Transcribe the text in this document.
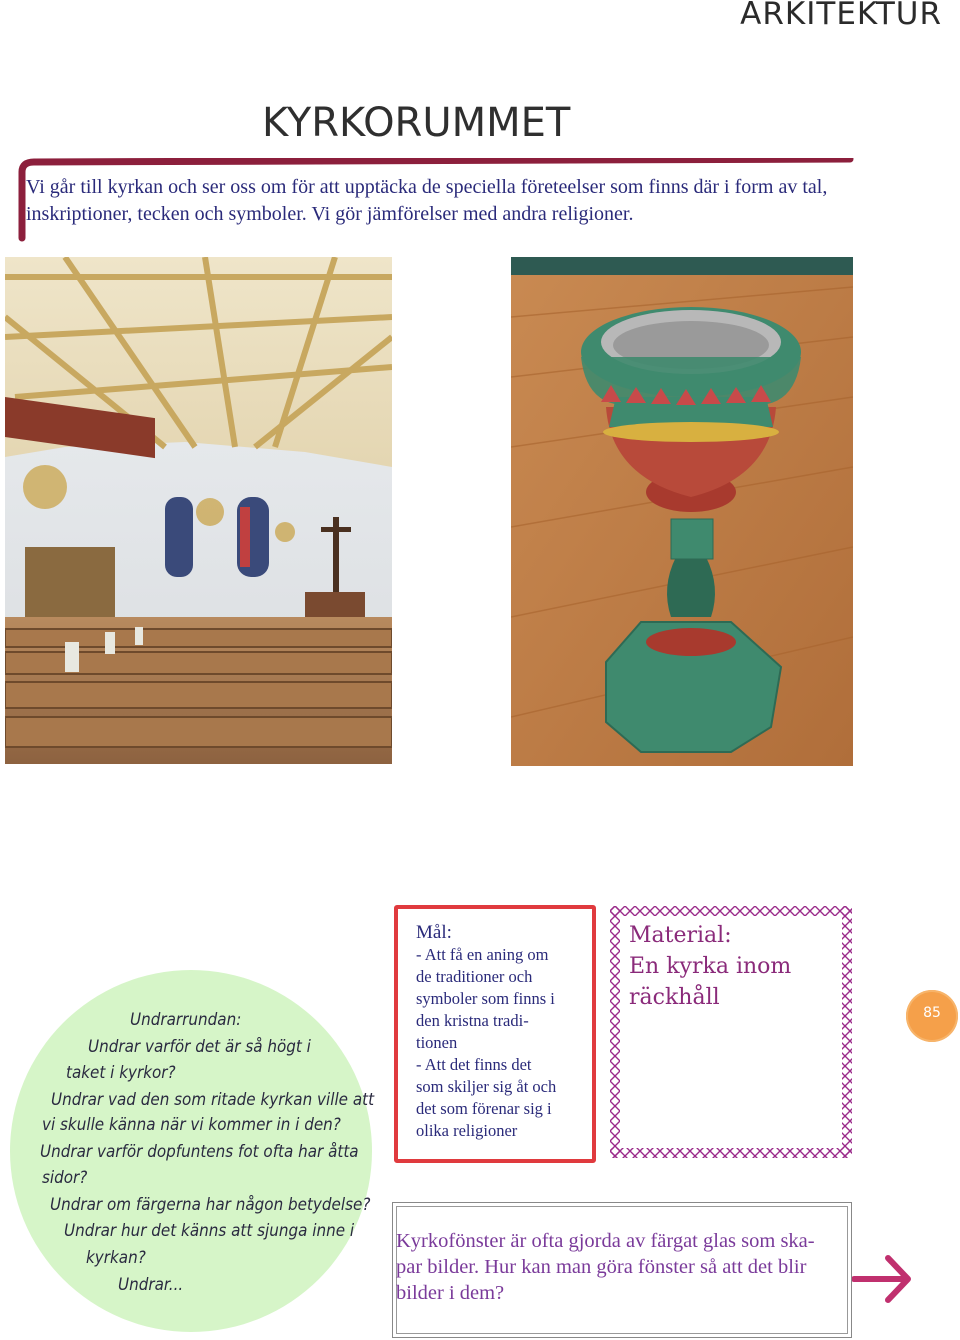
ARKITEKTUR
KYRKORUMMET
Vi går till kyrkan och ser oss om för att upptäcka de speciella företeelser som finns där i form av tal, inskriptioner, tecken och symboler. Vi gör jämförelser med andra religioner.
Undrarrundan:
Undrar varför det är så högt i
taket i kyrkor?
Undrar vad den som ritade kyrkan ville att
vi skulle känna när vi kommer in i den?
Undrar varför dopfuntens fot ofta har åtta
sidor?
Undrar om färgerna har någon betydelse?
Undrar hur det känns att sjunga inne i
kyrkan?
Undrar...
Mål:
- Att få en aning om
de traditioner och
symboler som finns i
den kristna tradi-
tionen
- Att det finns det
som skiljer sig åt och
det som förenar sig i
olika religioner
Material:
En kyrka inom
räckhåll
85
Kyrkofönster är ofta gjorda av färgat glas som ska-
par bilder. Hur kan man göra fönster så att det blir
bilder i dem?
